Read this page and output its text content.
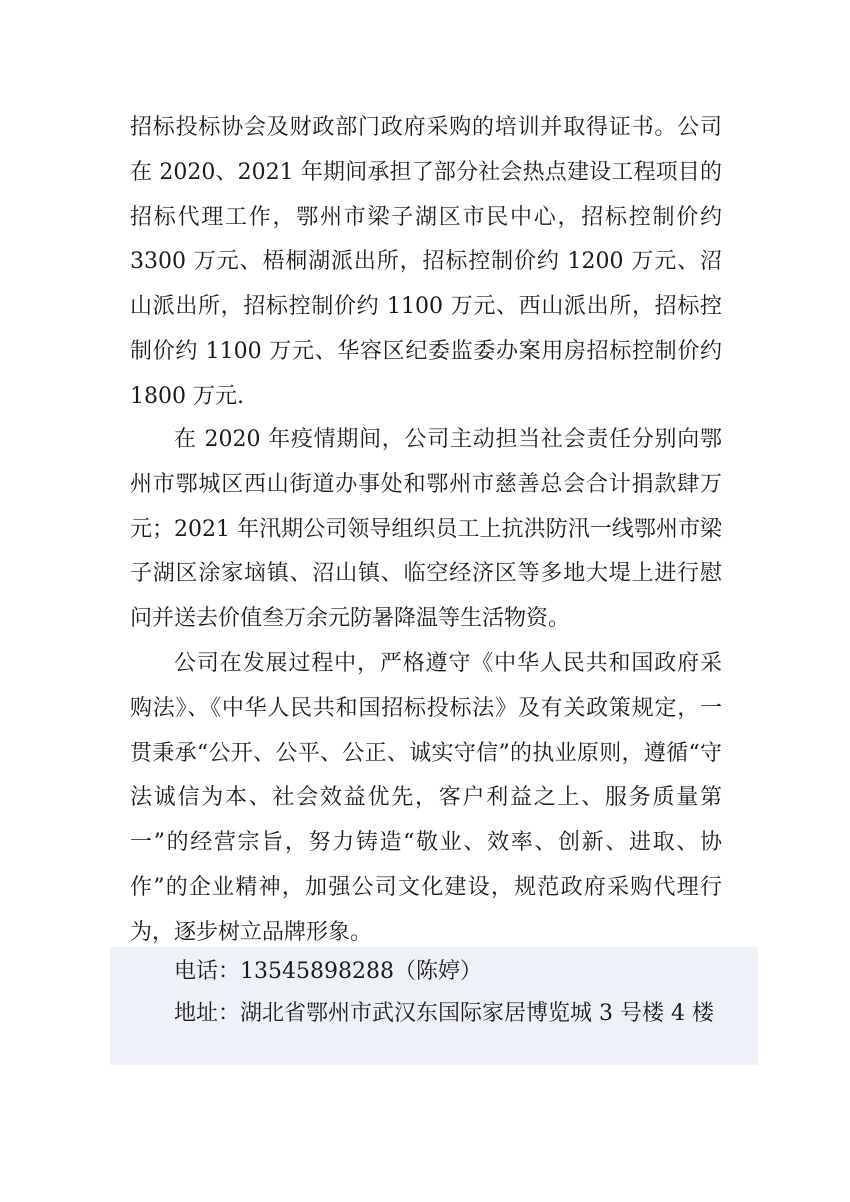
招标投标协会及财政部门政府采购的培训并取得证书。公司在 2020、2021 年期间承担了部分社会热点建设工程项目的招标代理工作，鄂州市梁子湖区市民中心，招标控制价约 3300 万元、梧桐湖派出所，招标控制价约 1200 万元、沼山派出所，招标控制价约 1100 万元、西山派出所，招标控制价约 1100 万元、华容区纪委监委办案用房招标控制价约 1800 万元.

在 2020 年疫情期间，公司主动担当社会责任分别向鄂州市鄂城区西山街道办事处和鄂州市慈善总会合计捐款肆万元；2021 年汛期公司领导组织员工上抗洪防汛一线鄂州市梁子湖区涂家垴镇、沼山镇、临空经济区等多地大堤上进行慰问并送去价值叁万余元防暑降温等生活物资。

公司在发展过程中，严格遵守《中华人民共和国政府采购法》、《中华人民共和国招标投标法》及有关政策规定，一贯秉承“公开、公平、公正、诚实守信”的执业原则，遵循“守法诚信为本、社会效益优先，客户利益之上、服务质量第一”的经营宗旨，努力铸造“敬业、效率、创新、进取、协作”的企业精神，加强公司文化建设，规范政府采购代理行为，逐步树立品牌形象。

电话：13545898288（陈婷）

地址：湖北省鄂州市武汉东国际家居博览城 3 号楼 4 楼
